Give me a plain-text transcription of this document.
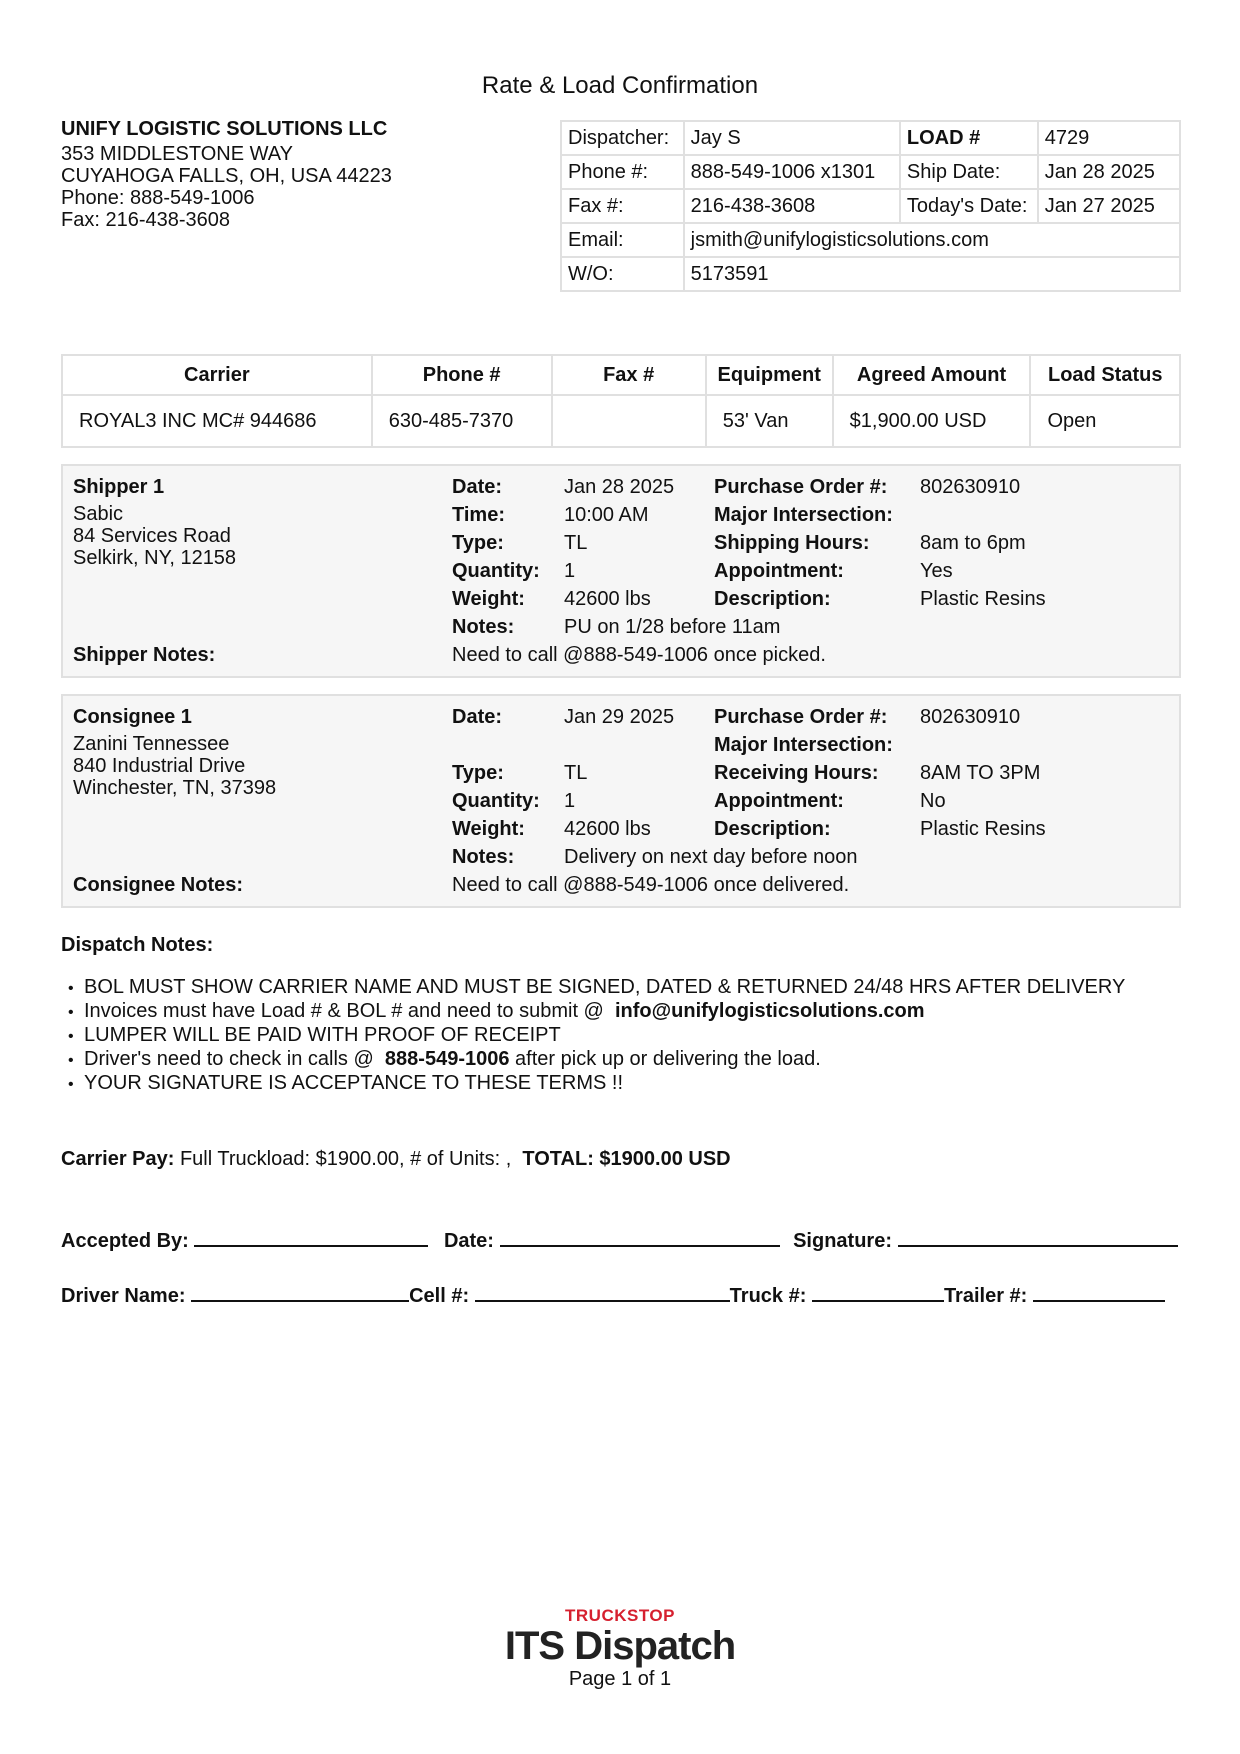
Rate & Load Confirmation
UNIFY LOGISTIC SOLUTIONS LLC
353 MIDDLESTONE WAY
CUYAHOGA FALLS, OH, USA 44223
Phone: 888-549-1006
Fax: 216-438-3608
Dispatcher:	Jay S	LOAD #	4729
Phone #:	888-549-1006 x1301	Ship Date:	Jan 28 2025
Fax #:	216-438-3608	Today's Date:	Jan 27 2025
Email:	jsmith@unifylogisticsolutions.com		
W/O:	5173591		
Carrier	Phone #	Fax #	Equipment	Agreed Amount	Load Status
ROYAL3 INC MC# 944686	630-485-7370		53' Van	$1,900.00 USD	Open
Shipper 1
Sabic
84 Services Road
Selkirk, NY, 12158
Date:	Jan 28 2025
Time:	10:00 AM
Type:	TL
Quantity: 1
Weight: 42600 lbs
Notes: PU on 1/28 before 11am
Purchase Order #: 802630910
Major Intersection:
Shipping Hours:	8am to 6pm
Appointment:	Yes
Description:	Plastic Resins
Shipper Notes:	Need to call @888-549-1006 once picked.
Consignee 1
Zanini Tennessee
840 Industrial Drive
Winchester, TN, 37398
Date:	Jan 29 2025
Type:	TL
Quantity: 1
Weight: 42600 lbs
Notes: Delivery on next day before noon
Purchase Order #: 802630910
Major Intersection:
Receiving Hours: 8AM TO 3PM
Appointment:	No
Description:	Plastic Resins
Consignee Notes:	Need to call @888-549-1006 once delivered.
Dispatch Notes:
• BOL MUST SHOW CARRIER NAME AND MUST BE SIGNED, DATED & RETURNED 24/48 HRS AFTER DELIVERY
• Invoices must have Load # & BOL # and need to submit @ info@unifylogisticsolutions.com
• LUMPER WILL BE PAID WITH PROOF OF RECEIPT
• Driver's need to check in calls @ 888-549-1006 after pick up or delivering the load.
• YOUR SIGNATURE IS ACCEPTANCE TO THESE TERMS !!
Carrier Pay: Full Truckload: $1900.00, # of Units: , TOTAL: $1900.00 USD
Accepted By:	Date:	Signature:
Driver Name:	Cell #:	Truck #:	Trailer #:
TRUCKSTOP
ITS Dispatch
Page 1 of 1
